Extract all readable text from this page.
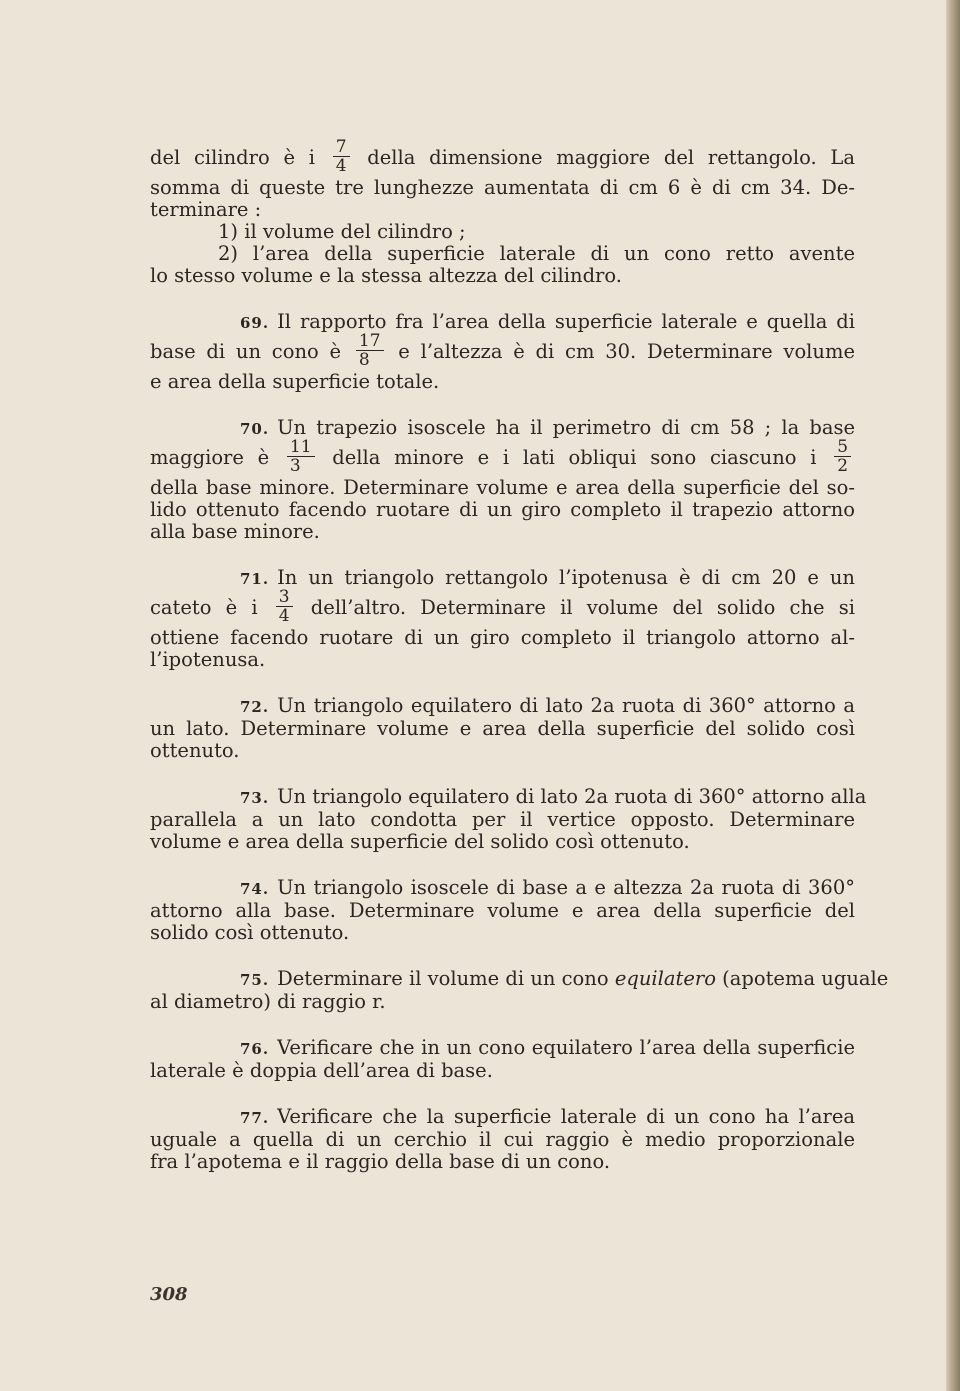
del cilindro è i $\frac{7}{4}$ della dimensione maggiore del rettangolo. La
somma di queste tre lunghezze aumentata di cm 6 è di cm 34. De-
terminare :
1) il volume del cilindro ;
2) l’area della superficie laterale di un cono retto avente
lo stesso volume e la stessa altezza del cilindro.
69. Il rapporto fra l’area della superficie laterale e quella di
base di un cono è $\frac{17}{8}$ e l’altezza è di cm 30. Determinare volume
e area della superficie totale.
70. Un trapezio isoscele ha il perimetro di cm 58 ; la base
maggiore è $\frac{11}{3}$ della minore e i lati obliqui sono ciascuno i $\frac{5}{2}$
della base minore. Determinare volume e area della superficie del so-
lido ottenuto facendo ruotare di un giro completo il trapezio attorno
alla base minore.
71. In un triangolo rettangolo l’ipotenusa è di cm 20 e un
cateto è i $\frac{3}{4}$ dell’altro. Determinare il volume del solido che si
ottiene facendo ruotare di un giro completo il triangolo attorno al-
l’ipotenusa.
72. Un triangolo equilatero di lato 2a ruota di 360° attorno a
un lato. Determinare volume e area della superficie del solido così
ottenuto.
73. Un triangolo equilatero di lato 2a ruota di 360° attorno alla
parallela a un lato condotta per il vertice opposto. Determinare
volume e area della superficie del solido così ottenuto.
74. Un triangolo isoscele di base a e altezza 2a ruota di 360°
attorno alla base. Determinare volume e area della superficie del
solido così ottenuto.
75. Determinare il volume di un cono equilatero (apotema uguale
al diametro) di raggio r.
76. Verificare che in un cono equilatero l’area della superficie
laterale è doppia dell’area di base.
77. Verificare che la superficie laterale di un cono ha l’area
uguale a quella di un cerchio il cui raggio è medio proporzionale
fra l’apotema e il raggio della base di un cono.
308
